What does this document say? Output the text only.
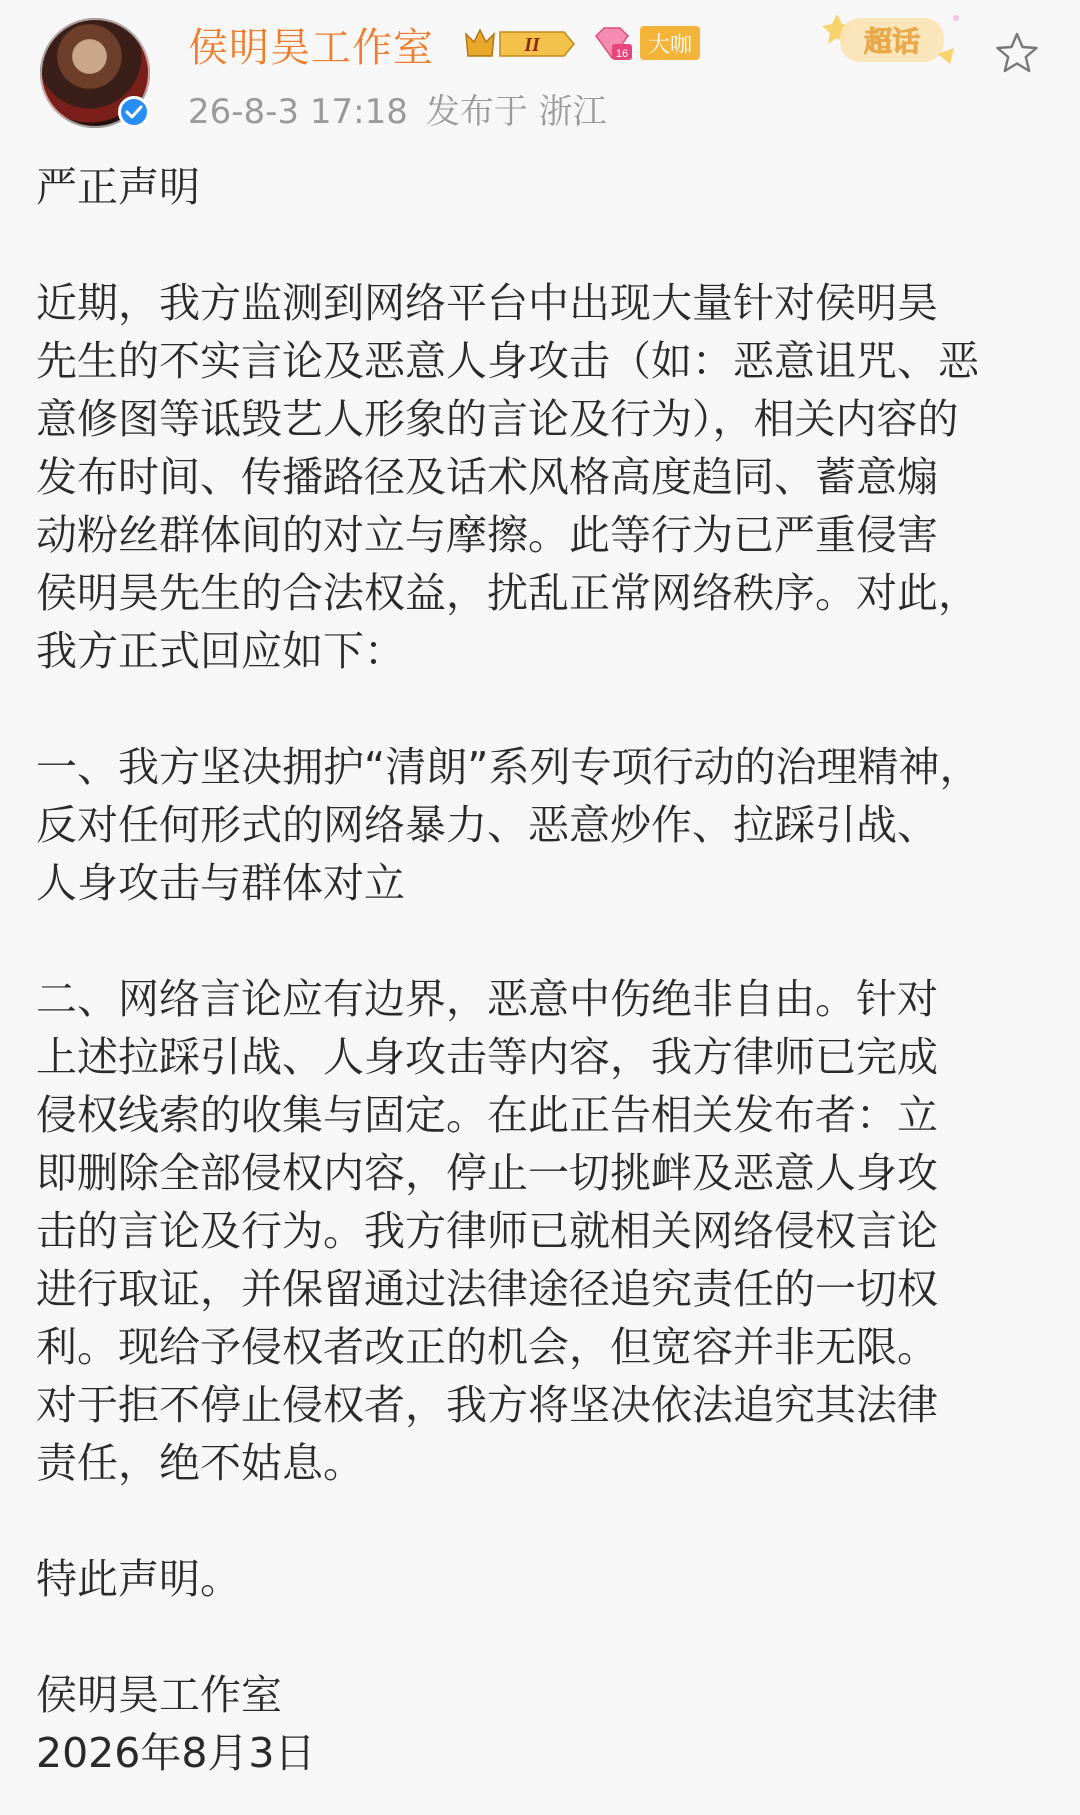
侯明昊工作室	II	16 大咖
26-8-3 17:18 发布于 浙江
超话

严正声明

近期，我方监测到网络平台中出现大量针对侯明昊
先生的不实言论及恶意人身攻击（如：恶意诅咒、恶
意修图等诋毁艺人形象的言论及行为），相关内容的
发布时间、传播路径及话术风格高度趋同、蓄意煽
动粉丝群体间的对立与摩擦。此等行为已严重侵害
侯明昊先生的合法权益，扰乱正常网络秩序。对此，
我方正式回应如下：

一、我方坚决拥护“清朗”系列专项行动的治理精神，
反对任何形式的网络暴力、恶意炒作、拉踩引战、
人身攻击与群体对立

二、网络言论应有边界，恶意中伤绝非自由。针对
上述拉踩引战、人身攻击等内容，我方律师已完成
侵权线索的收集与固定。在此正告相关发布者：立
即删除全部侵权内容，停止一切挑衅及恶意人身攻
击的言论及行为。我方律师已就相关网络侵权言论
进行取证，并保留通过法律途径追究责任的一切权
利。现给予侵权者改正的机会，但宽容并非无限。
对于拒不停止侵权者，我方将坚决依法追究其法律
责任，绝不姑息。

特此声明。

侯明昊工作室

2026年8月3日
